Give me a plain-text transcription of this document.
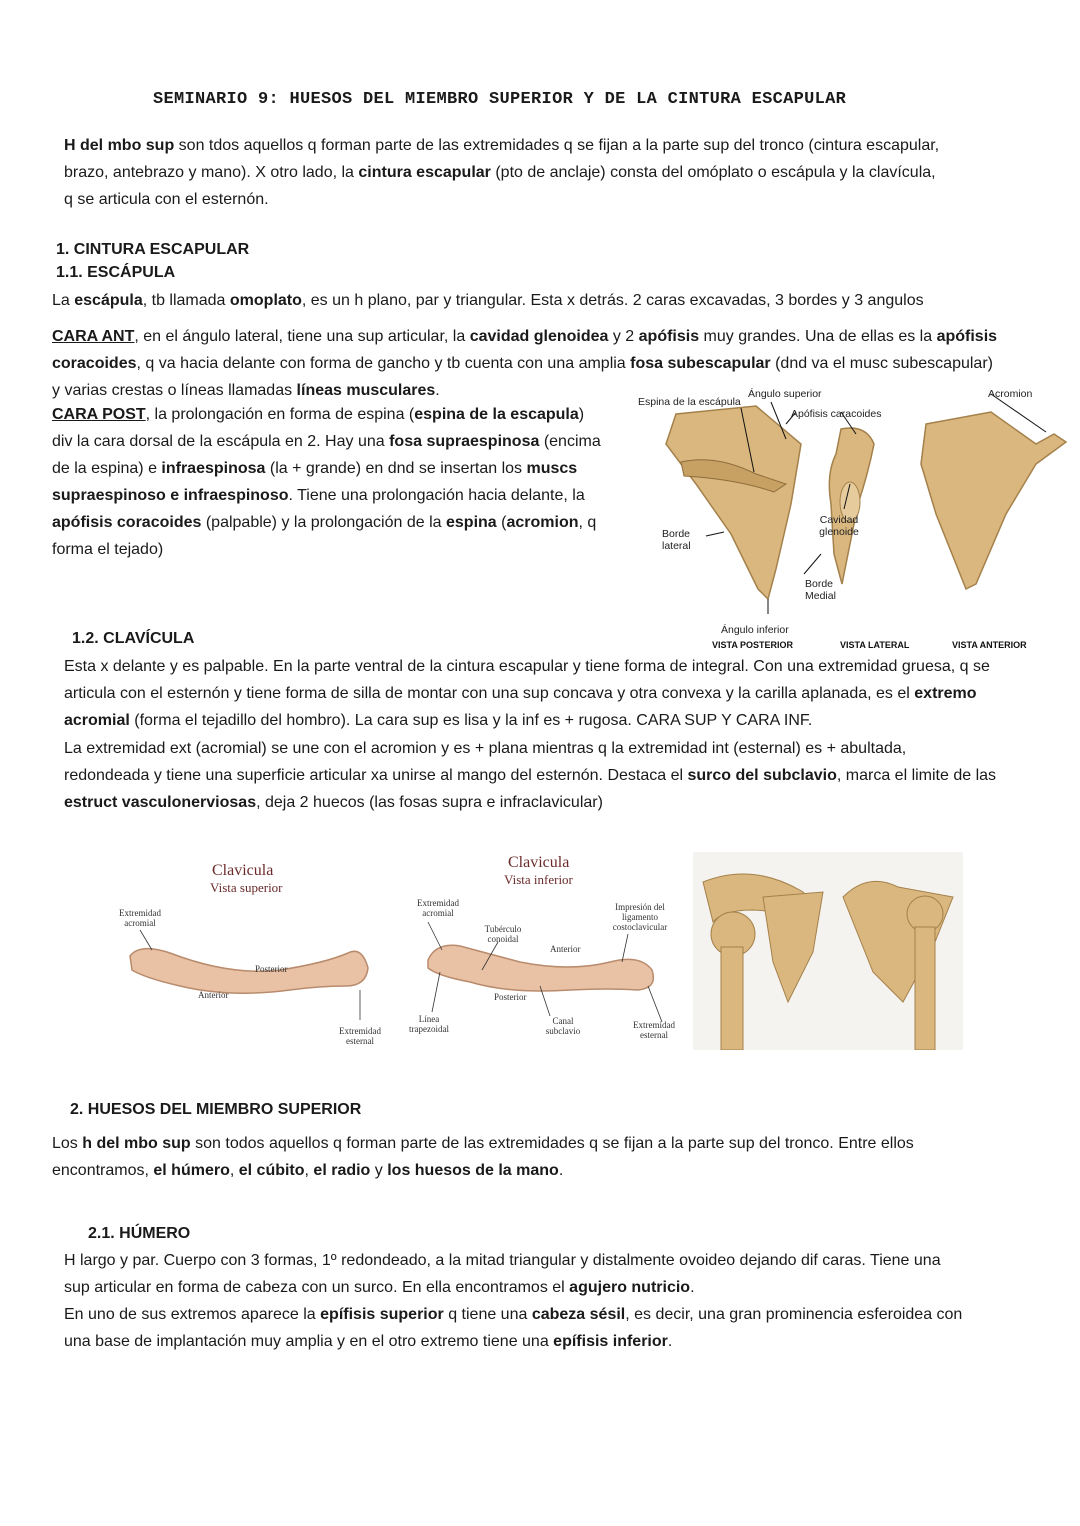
SEMINARIO 9: HUESOS DEL MIEMBRO SUPERIOR Y DE LA CINTURA ESCAPULAR
H del mbo sup son tdos aquellos q forman parte de las extremidades q se fijan a la parte sup del tronco (cintura escapular,
brazo, antebrazo y mano). X otro lado, la cintura escapular (pto de anclaje) consta del omóplato o escápula y la clavícula,
q se articula con el esternón.
1. CINTURA ESCAPULAR
1.1. ESCÁPULA
La escápula, tb llamada omoplato, es un h plano, par y triangular. Esta x detrás. 2 caras excavadas, 3 bordes y 3 angulos
CARA ANT, en el ángulo lateral, tiene una sup articular, la cavidad glenoidea y 2 apófisis muy grandes. Una de ellas es la apófisis
coracoides, q va hacia delante con forma de gancho y tb cuenta con una amplia fosa subescapular (dnd va el musc subescapular)
y varias crestas o líneas llamadas líneas musculares.
CARA POST, la prolongación en forma de espina (espina de la escapula)
div la cara dorsal de la escápula en 2. Hay una fosa supraespinosa (encima
de la espina) e infraespinosa (la + grande) en dnd se insertan los muscs
supraespinoso e infraespinoso. Tiene una prolongación hacia delante, la
apófisis coracoides (palpable) y la prolongación de la espina (acromion, q
forma el tejado)
Espina de la escápula
Ángulo superior
Apófisis caracoides
Acromion
Borde lateral
Cavidad glenoide
Borde Medial
Ángulo inferior
VISTA POSTERIOR	VISTA LATERAL	VISTA ANTERIOR
1.2. CLAVÍCULA
Esta x delante y es palpable. En la parte ventral de la cintura escapular y tiene forma de integral. Con una extremidad gruesa, q se
articula con el esternón y tiene forma de silla de montar con una sup concava y otra convexa y la carilla aplanada, es el extremo
acromial (forma el tejadillo del hombro). La cara sup es lisa y la inf es + rugosa. CARA SUP Y CARA INF.
La extremidad ext (acromial) se une con el acromion y es + plana mientras q la extremidad int (esternal) es + abultada,
redondeada y tiene una superficie articular xa unirse al mango del esternón. Destaca el surco del subclavio, marca el limite de las
estruct vasculonerviosas, deja 2 huecos (las fosas supra e infraclavicular)
Clavicula
Vista superior
Extremidad acromial
Posterior
Anterior
Extremidad esternal
Clavicula
Vista inferior
Extremidad acromial
Tubérculo conoidal
Impresión del ligamento costoclavicular
Anterior
Posterior
Línea trapezoidal
Canal subclavio
Extremidad esternal
2. HUESOS DEL MIEMBRO SUPERIOR
Los h del mbo sup son todos aquellos q forman parte de las extremidades q se fijan a la parte sup del tronco. Entre ellos
encontramos, el húmero, el cúbito, el radio y los huesos de la mano.
2.1. HÚMERO
H largo y par. Cuerpo con 3 formas, 1º redondeado, a la mitad triangular y distalmente ovoideo dejando dif caras. Tiene una
sup articular en forma de cabeza con un surco. En ella encontramos el agujero nutricio.
En uno de sus extremos aparece la epífisis superior q tiene una cabeza sésil, es decir, una gran prominencia esferoidea con
una base de implantación muy amplia y en el otro extremo tiene una epífisis inferior.
